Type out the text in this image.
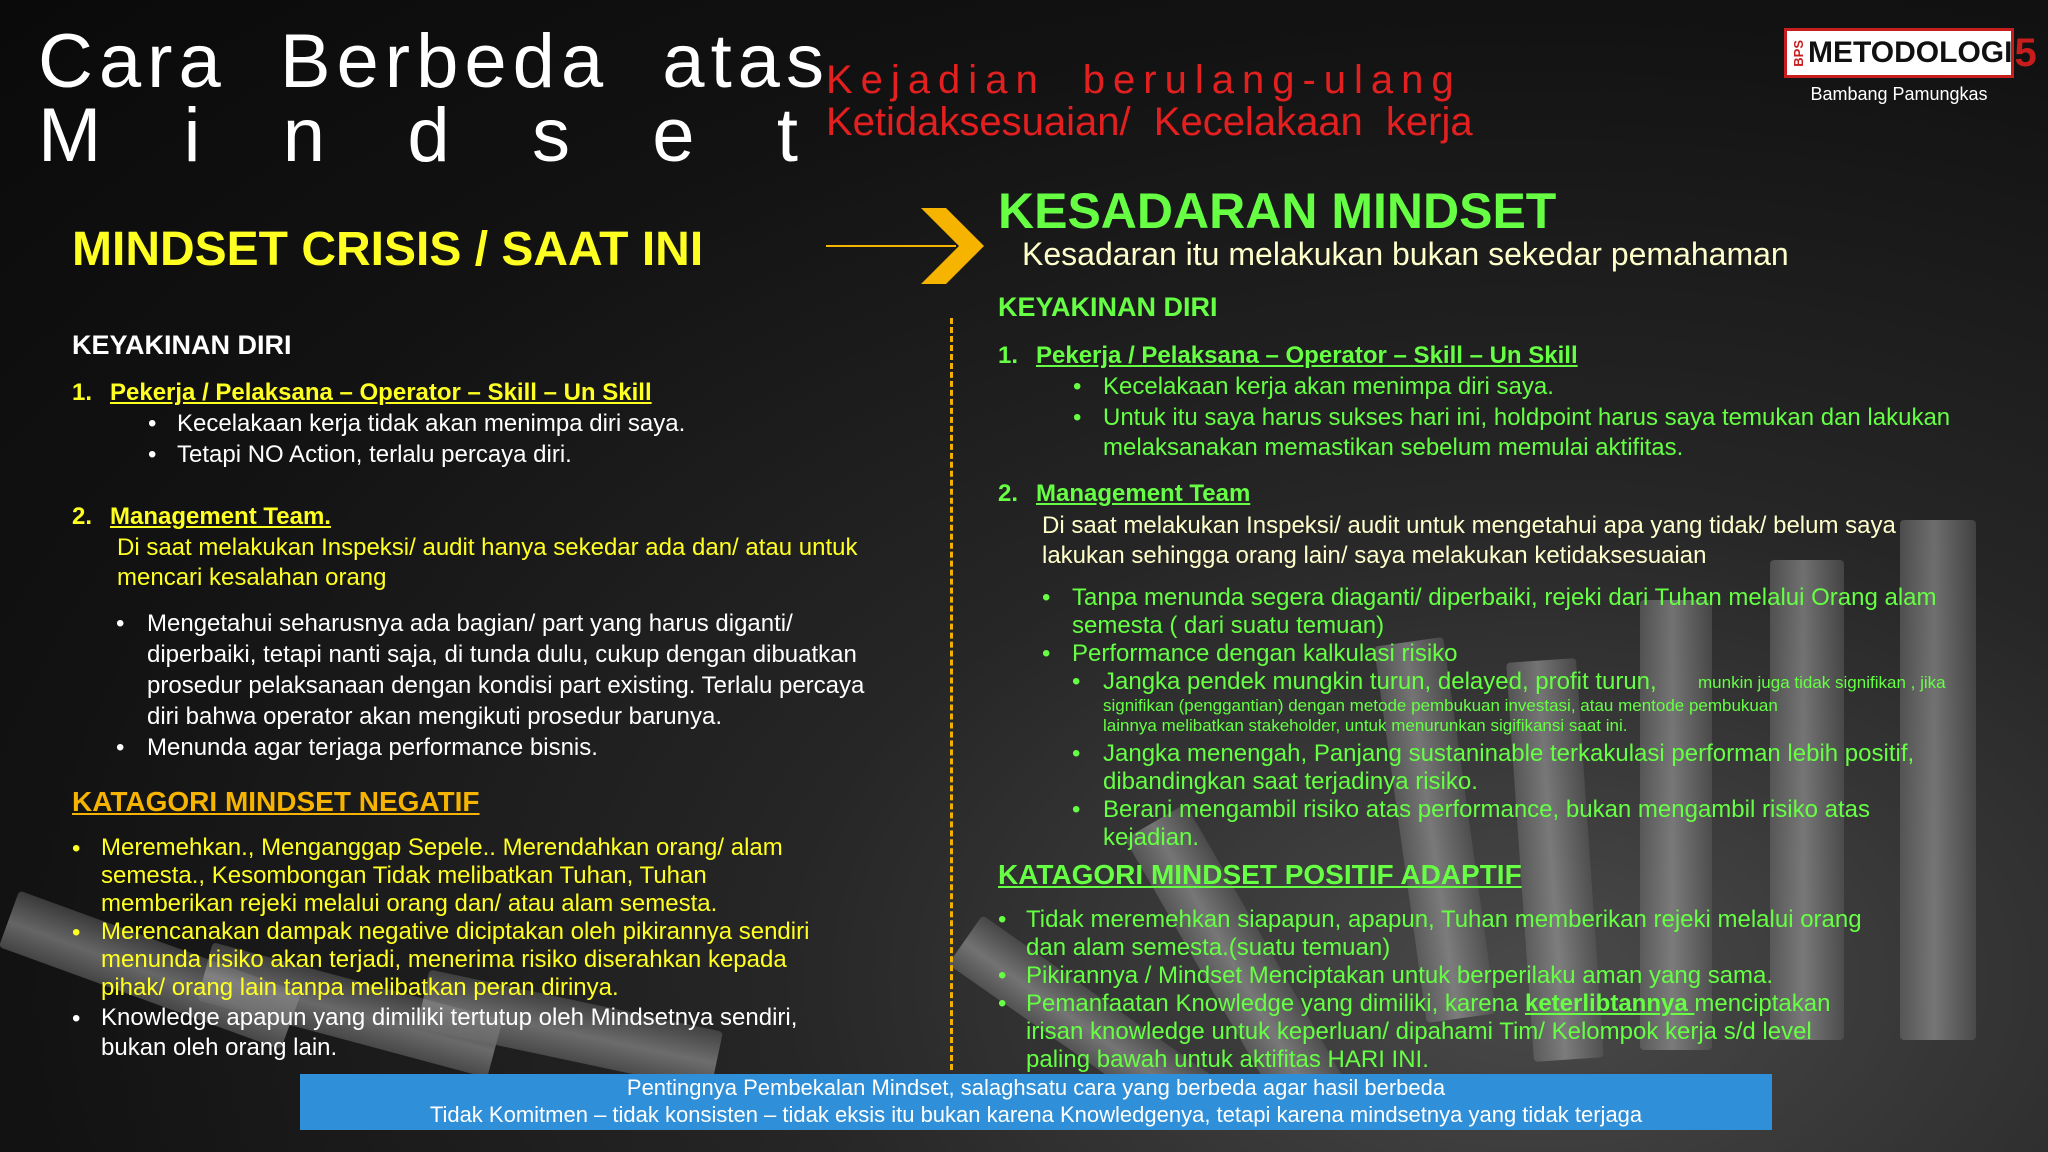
Cara Berbeda atas
M i n d s e t
Kejadian berulang-ulang
Ketidaksesuaian/ Kecelakaan kerja
BPS METODOLOGI 5
Bambang Pamungkas
MINDSET CRISIS / SAAT INI
KESADARAN MINDSET
Kesadaran itu melakukan bukan sekedar pemahaman
KEYAKINAN DIRI
1. Pekerja / Pelaksana – Operator – Skill – Un Skill
• Kecelakaan kerja tidak akan menimpa diri saya.
• Tetapi NO Action, terlalu percaya diri.
2. Management Team.
Di saat melakukan Inspeksi/ audit hanya sekedar ada dan/ atau untuk
mencari kesalahan orang
• Mengetahui seharusnya ada bagian/ part yang harus diganti/
diperbaiki, tetapi nanti saja, di tunda dulu, cukup dengan dibuatkan
prosedur pelaksanaan dengan kondisi part existing. Terlalu percaya
diri bahwa operator akan mengikuti prosedur barunya.
• Menunda agar terjaga performance bisnis.
KATAGORI MINDSET NEGATIF
• Meremehkan., Menganggap Sepele.. Merendahkan orang/ alam
semesta., Kesombongan Tidak melibatkan Tuhan, Tuhan
memberikan rejeki melalui orang dan/ atau alam semesta.
• Merencanakan dampak negative diciptakan oleh pikirannya sendiri
menunda risiko akan terjadi, menerima risiko diserahkan kepada
pihak/ orang lain tanpa melibatkan peran dirinya.
• Knowledge apapun yang dimiliki tertutup oleh Mindsetnya sendiri,
bukan oleh orang lain.
KEYAKINAN DIRI
1. Pekerja / Pelaksana – Operator – Skill – Un Skill
• Kecelakaan kerja akan menimpa diri saya.
• Untuk itu saya harus sukses hari ini, holdpoint harus saya temukan dan lakukan
melaksanakan memastikan sebelum memulai aktifitas.
2. Management Team
Di saat melakukan Inspeksi/ audit untuk mengetahui apa yang tidak/ belum saya
lakukan sehingga orang lain/ saya melakukan ketidaksesuaian
• Tanpa menunda segera diaganti/ diperbaiki, rejeki dari Tuhan melalui Orang alam
semesta ( dari suatu temuan)
• Performance dengan kalkulasi risiko
• Jangka pendek mungkin turun, delayed, profit turun, munkin juga tidak signifikan , jika
signifikan (penggantian) dengan metode pembukuan investasi, atau mentode pembukuan
lainnya melibatkan stakeholder, untuk menurunkan sigifikansi saat ini.
• Jangka menengah, Panjang sustaninable terkakulasi performan lebih positif,
dibandingkan saat terjadinya risiko.
• Berani mengambil risiko atas performance, bukan mengambil risiko atas
kejadian.
KATAGORI MINDSET POSITIF ADAPTIF
• Tidak meremehkan siapapun, apapun, Tuhan memberikan rejeki melalui orang
dan alam semesta.(suatu temuan)
• Pikirannya / Mindset Menciptakan untuk berperilaku aman yang sama.
• Pemanfaatan Knowledge yang dimiliki, karena keterlibtannya menciptakan
irisan knowledge untuk keperluan/ dipahami Tim/ Kelompok kerja s/d level
paling bawah untuk aktifitas HARI INI.
Pentingnya Pembekalan Mindset, salaghsatu cara yang berbeda agar hasil berbeda
Tidak Komitmen – tidak konsisten – tidak eksis itu bukan karena Knowledgenya, tetapi karena mindsetnya yang tidak terjaga
